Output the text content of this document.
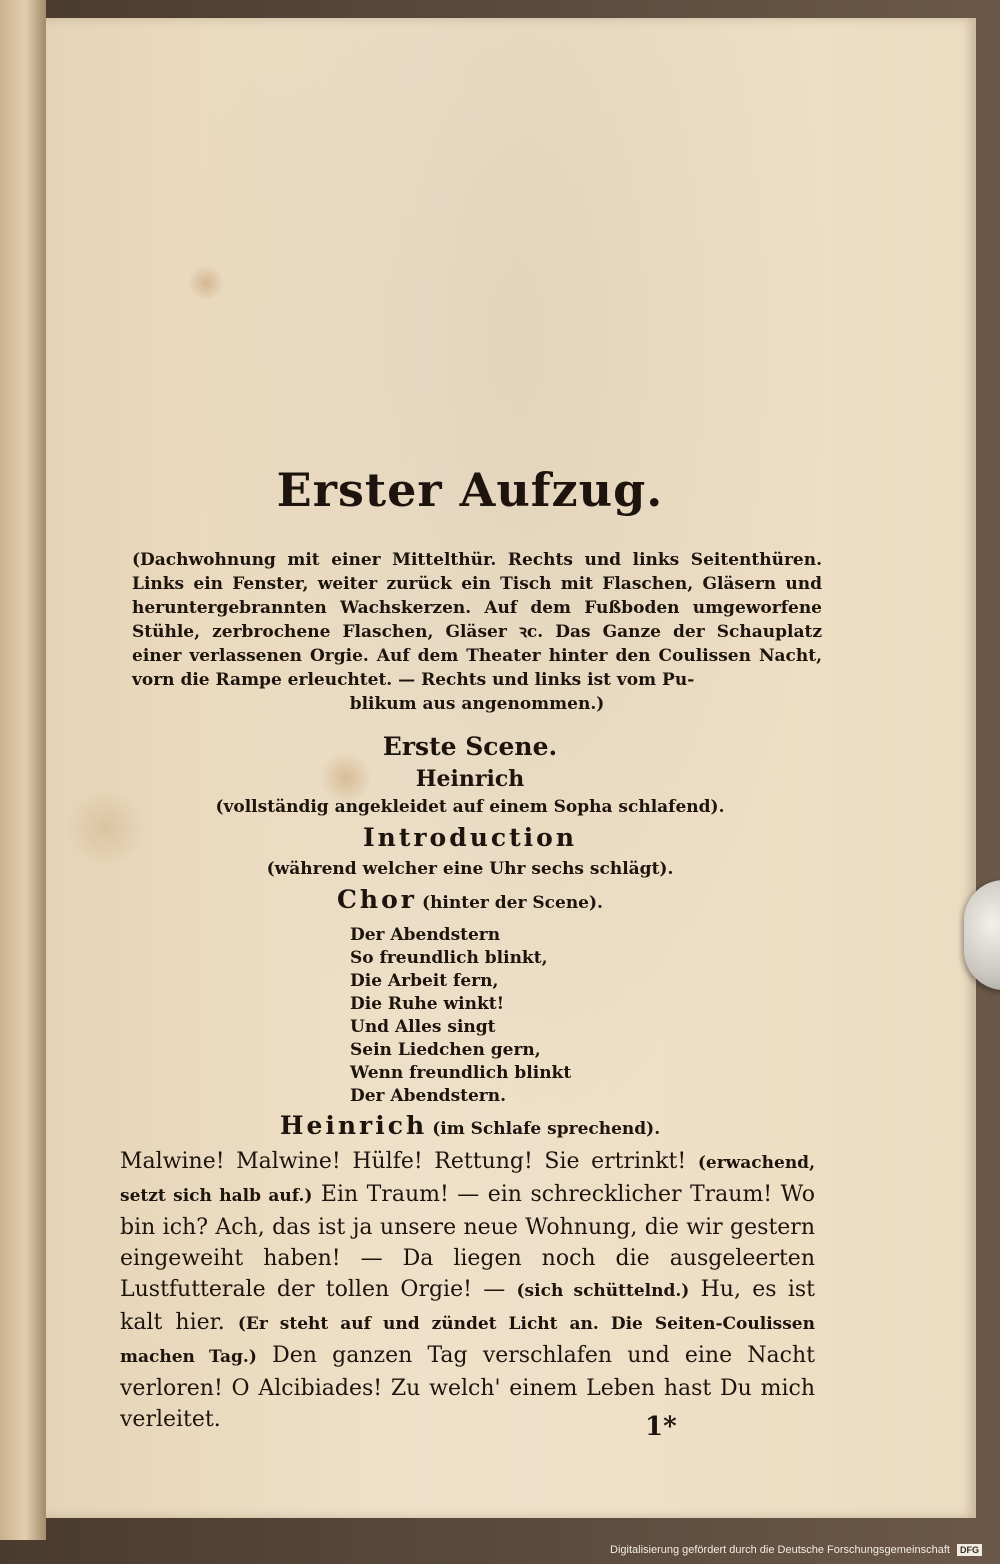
Erster Aufzug.
(Dachwohnung mit einer Mittelthür. Rechts und links Seitenthüren. Links ein Fenster, weiter zurück ein Tisch mit Flaschen, Gläsern und heruntergebrannten Wachskerzen. Auf dem Fußboden umgeworfene Stühle, zerbrochene Flaschen, Gläser ꝛc. Das Ganze der Schauplatz einer verlassenen Orgie. Auf dem Theater hinter den Coulissen Nacht, vorn die Rampe erleuchtet. — Rechts und links ist vom Pu-
blikum aus angenommen.)
Erste Scene.
Heinrich
(vollständig angekleidet auf einem Sopha schlafend).
Introduction
(während welcher eine Uhr sechs schlägt).
Chor (hinter der Scene).
Der Abendstern
So freundlich blinkt,
Die Arbeit fern,
Die Ruhe winkt!
Und Alles singt
Sein Liedchen gern,
Wenn freundlich blinkt
Der Abendstern.
Heinrich (im Schlafe sprechend).
Malwine! Malwine! Hülfe! Rettung! Sie ertrinkt! (erwachend, setzt sich halb auf.) Ein Traum! — ein schrecklicher Traum! Wo bin ich? Ach, das ist ja unsere neue Wohnung, die wir gestern eingeweiht haben! — Da liegen noch die ausgeleerten Lustfutterale der tollen Orgie! — (sich schüttelnd.) Hu, es ist kalt hier. (Er steht auf und zündet Licht an. Die Seiten-Coulissen machen Tag.) Den ganzen Tag verschlafen und eine Nacht verloren! O Alcibiades! Zu welch' einem Leben hast Du mich verleitet.	1*
Digitalisierung gefördert durch die Deutsche Forschungsgemeinschaft DFG
